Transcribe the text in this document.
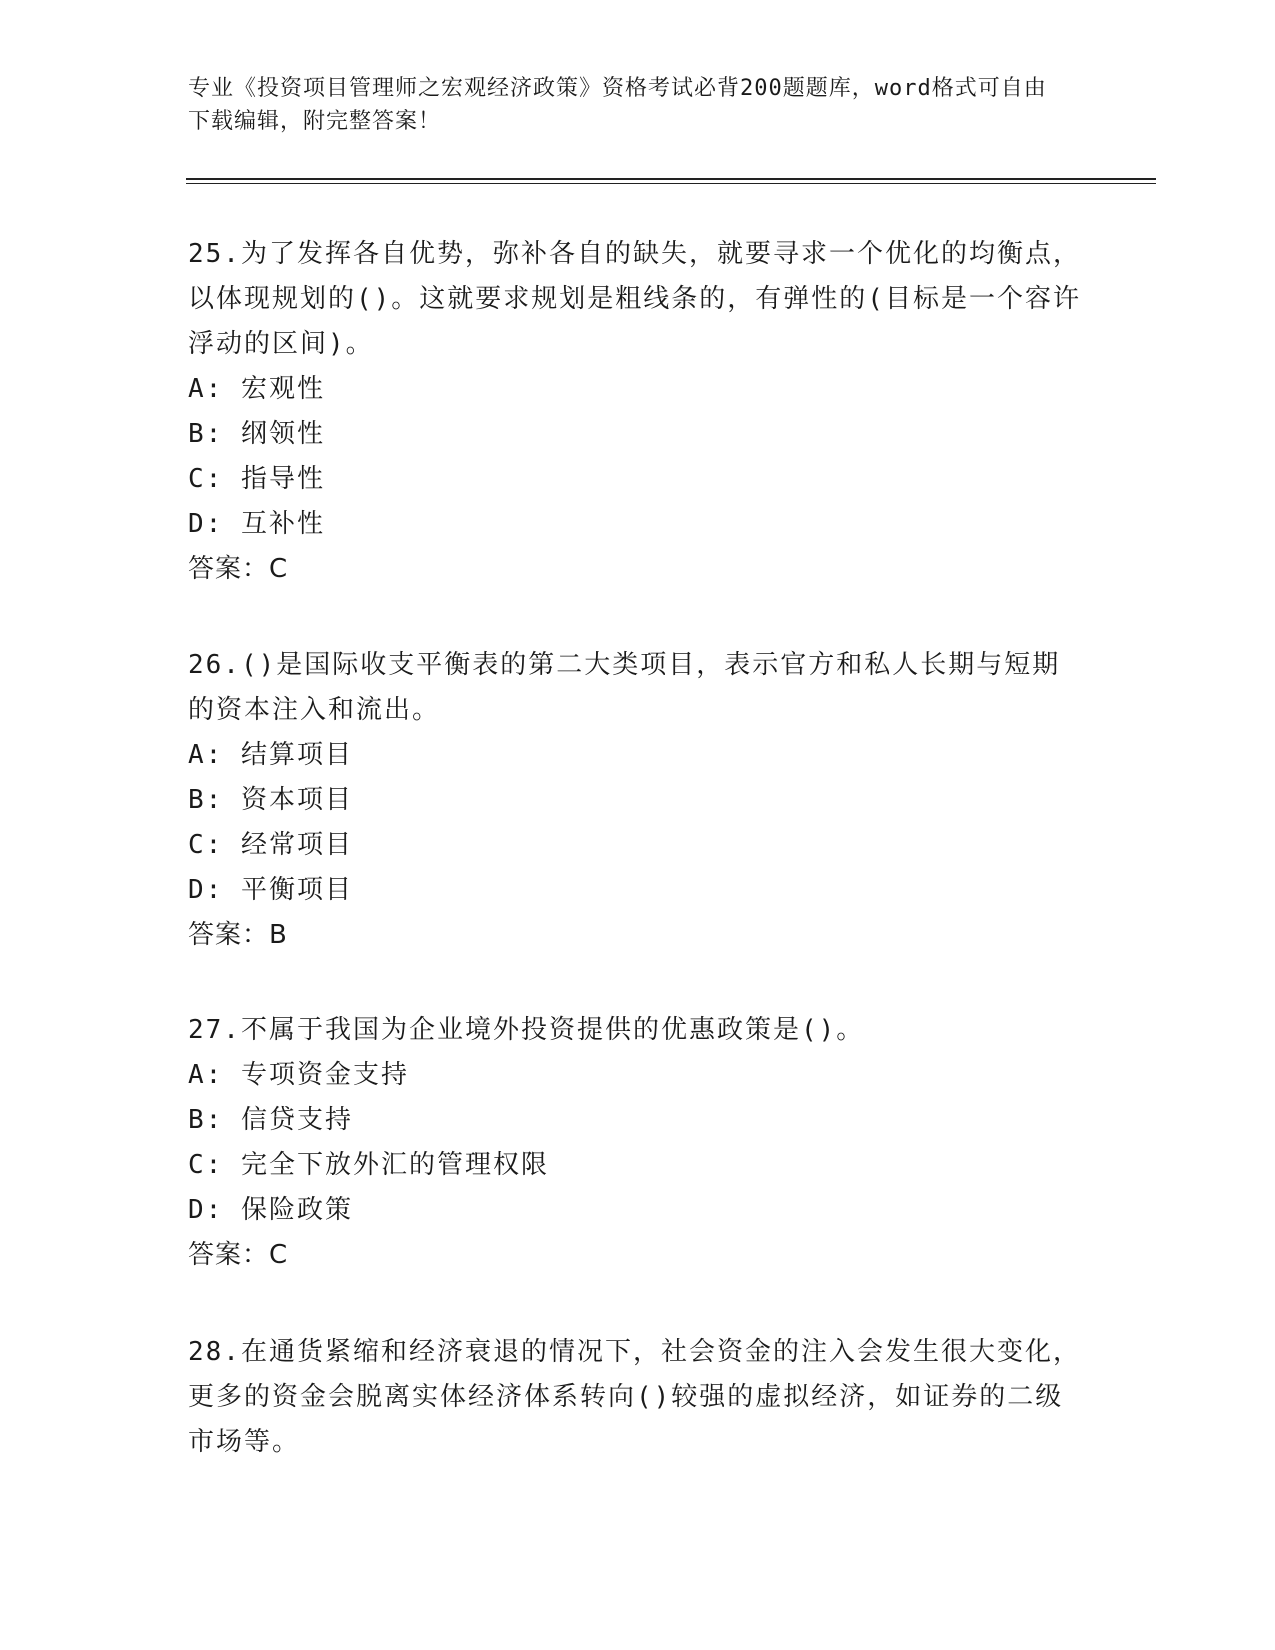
专业《投资项目管理师之宏观经济政策》资格考试必背200题题库，word格式可自由下载编辑，附完整答案！

25.为了发挥各自优势，弥补各自的缺失，就要寻求一个优化的均衡点，以体现规划的()。这就要求规划是粗线条的，有弹性的(目标是一个容许浮动的区间)。

A: 宏观性

B: 纲领性

C: 指导性

D: 互补性

答案：C

26.()是国际收支平衡表的第二大类项目，表示官方和私人长期与短期的资本注入和流出。

A: 结算项目

B: 资本项目

C: 经常项目

D: 平衡项目

答案：B

27.不属于我国为企业境外投资提供的优惠政策是()。

A: 专项资金支持

B: 信贷支持

C: 完全下放外汇的管理权限

D: 保险政策

答案：C

28.在通货紧缩和经济衰退的情况下，社会资金的注入会发生很大变化，更多的资金会脱离实体经济体系转向()较强的虚拟经济，如证券的二级市场等。
